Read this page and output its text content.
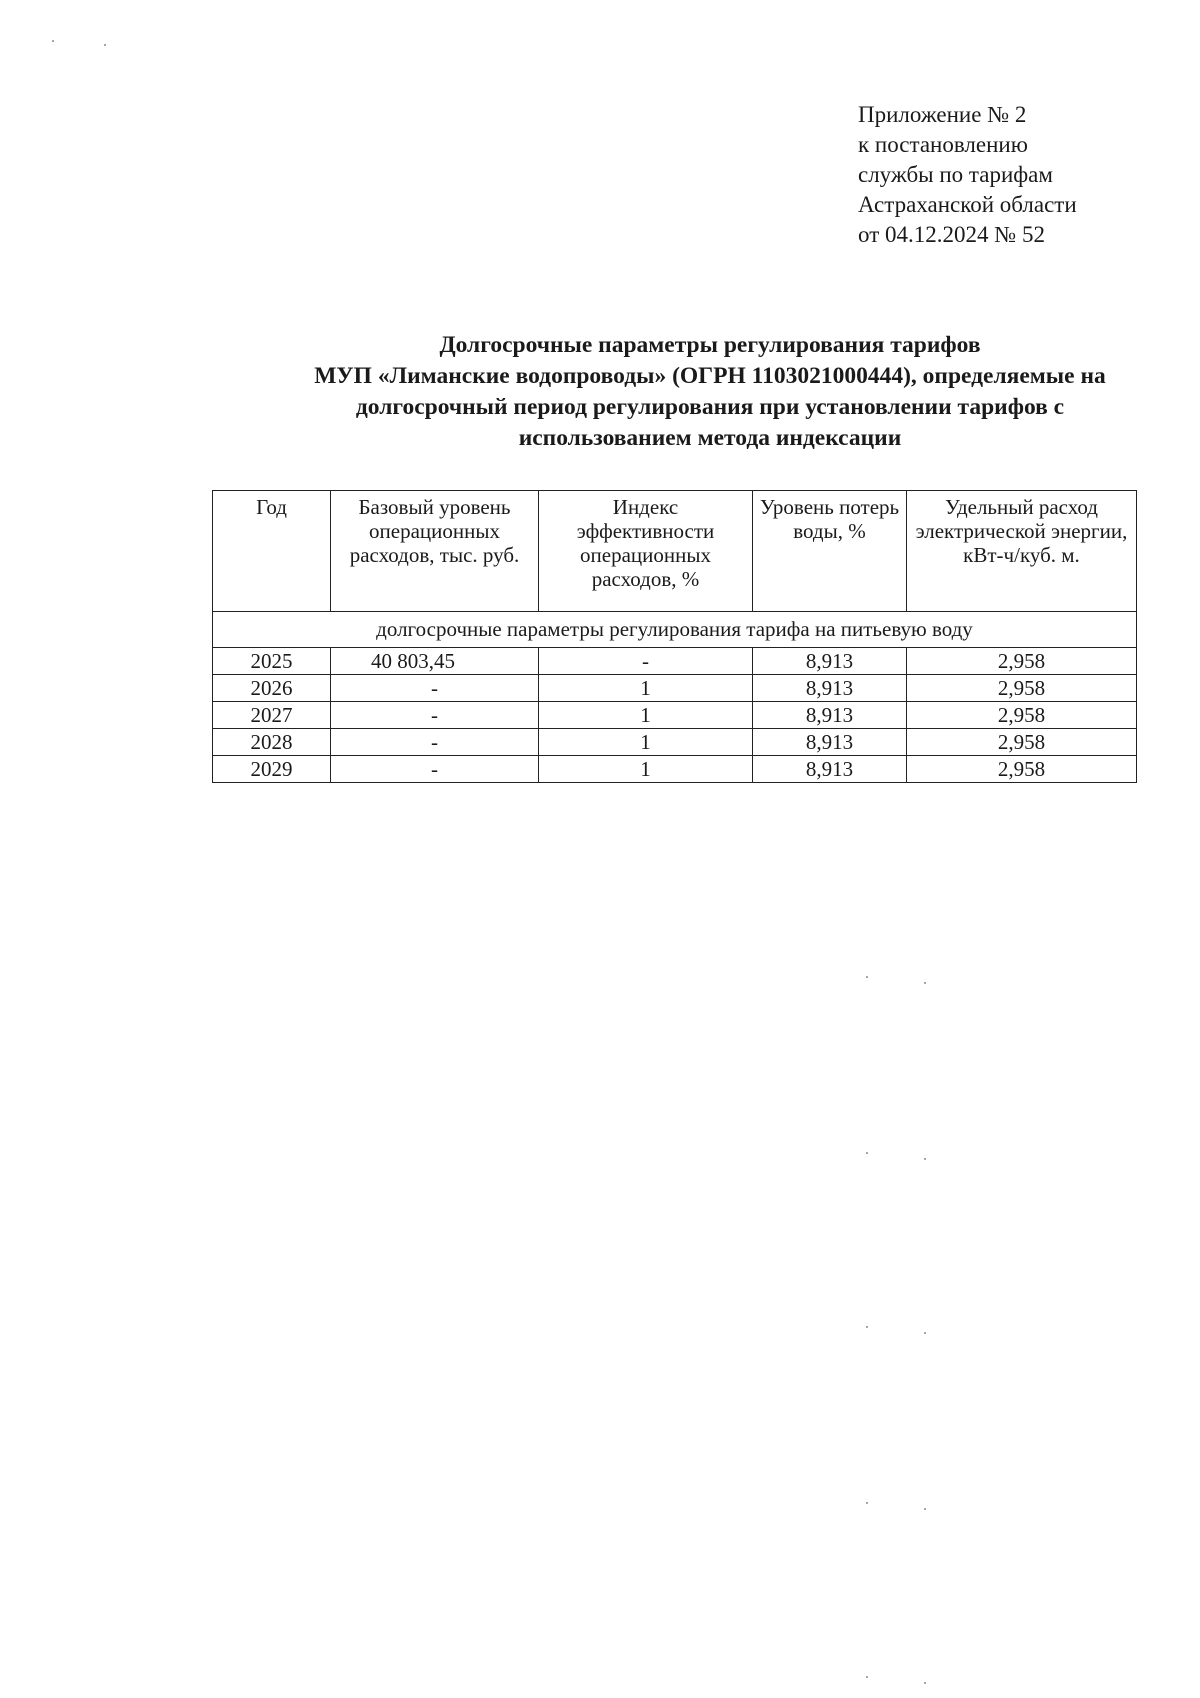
Приложение № 2
к постановлению
службы по тарифам
Астраханской области
от 04.12.2024 № 52
Долгосрочные параметры регулирования тарифов
МУП «Лиманские водопроводы» (ОГРН 1103021000444), определяемые на
долгосрочный период регулирования при установлении тарифов с
использованием метода индексации
Год	Базовый уровень операционных расходов, тыс. руб.	Индекс эффективности операционных расходов, %	Уровень потерь воды, %	Удельный расход электрической энергии, кВт-ч/куб. м.
долгосрочные параметры регулирования тарифа на питьевую воду				
2025	40 803,45	-	8,913	2,958
2026	-	1	8,913	2,958
2027	-	1	8,913	2,958
2028	-	1	8,913	2,958
2029	-	1	8,913	2,958
